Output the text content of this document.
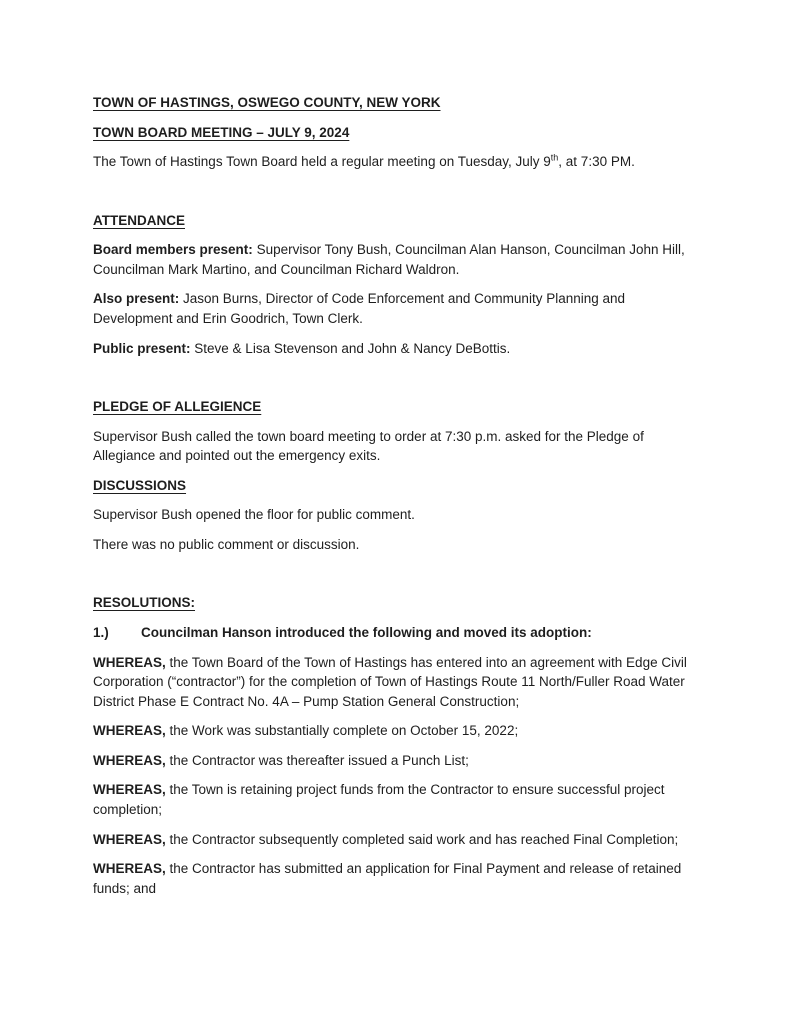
TOWN OF HASTINGS, OSWEGO COUNTY, NEW YORK
TOWN BOARD MEETING – JULY 9, 2024

The Town of Hastings Town Board held a regular meeting on Tuesday, July 9th, at 7:30 PM.

ATTENDANCE

Board members present: Supervisor Tony Bush, Councilman Alan Hanson, Councilman John Hill, Councilman Mark Martino, and Councilman Richard Waldron.

Also present: Jason Burns, Director of Code Enforcement and Community Planning and Development and Erin Goodrich, Town Clerk.

Public present: Steve & Lisa Stevenson and John & Nancy DeBottis.

PLEDGE OF ALLEGIENCE

Supervisor Bush called the town board meeting to order at 7:30 p.m. asked for the Pledge of Allegiance and pointed out the emergency exits.

DISCUSSIONS

Supervisor Bush opened the floor for public comment.

There was no public comment or discussion.

RESOLUTIONS:

1.) Councilman Hanson introduced the following and moved its adoption:

WHEREAS, the Town Board of the Town of Hastings has entered into an agreement with Edge Civil Corporation (“contractor”) for the completion of Town of Hastings Route 11 North/Fuller Road Water District Phase E Contract No. 4A – Pump Station General Construction;

WHEREAS, the Work was substantially complete on October 15, 2022;

WHEREAS, the Contractor was thereafter issued a Punch List;

WHEREAS, the Town is retaining project funds from the Contractor to ensure successful project completion;

WHEREAS, the Contractor subsequently completed said work and has reached Final Completion;

WHEREAS, the Contractor has submitted an application for Final Payment and release of retained funds; and
